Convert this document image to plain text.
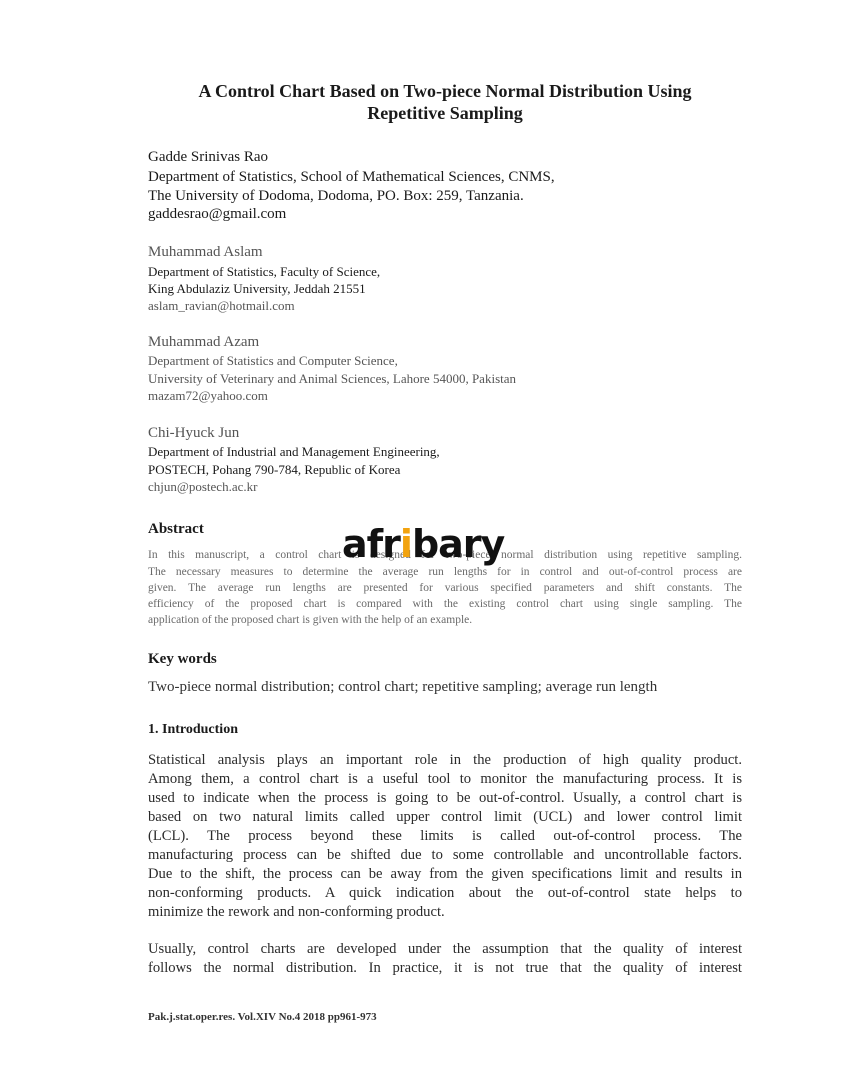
A Control Chart Based on Two-piece Normal Distribution Using
Repetitive Sampling
Gadde Srinivas Rao
Department of Statistics, School of Mathematical Sciences, CNMS,
The University of Dodoma, Dodoma, PO. Box: 259, Tanzania.
gaddesrao@gmail.com
Muhammad Aslam
Department of Statistics, Faculty of Science,
King Abdulaziz University, Jeddah 21551
aslam_ravian@hotmail.com
Muhammad Azam
Department of Statistics and Computer Science,
University of Veterinary and Animal Sciences, Lahore 54000, Pakistan
mazam72@yahoo.com
Chi-Hyuck Jun
Department of Industrial and Management Engineering,
POSTECH, Pohang 790-784, Republic of Korea
chjun@postech.ac.kr
Abstract
In this manuscript, a control chart is designed for two-piece normal distribution using repetitive sampling.
The necessary measures to determine the average run lengths for in control and out-of-control process are
given. The average run lengths are presented for various specified parameters and shift constants. The
efficiency of the proposed chart is compared with the existing control chart using single sampling. The
application of the proposed chart is given with the help of an example.
afribary
Key words
Two-piece normal distribution; control chart; repetitive sampling; average run length
1. Introduction
Statistical analysis plays an important role in the production of high quality product.
Among them, a control chart is a useful tool to monitor the manufacturing process. It is
used to indicate when the process is going to be out-of-control. Usually, a control chart is
based on two natural limits called upper control limit (UCL) and lower control limit
(LCL). The process beyond these limits is called out-of-control process. The
manufacturing process can be shifted due to some controllable and uncontrollable factors.
Due to the shift, the process can be away from the given specifications limit and results in
non-conforming products. A quick indication about the out-of-control state helps to
minimize the rework and non-conforming product.
Usually, control charts are developed under the assumption that the quality of interest
follows the normal distribution. In practice, it is not true that the quality of interest
Pak.j.stat.oper.res. Vol.XIV No.4 2018 pp961-973
